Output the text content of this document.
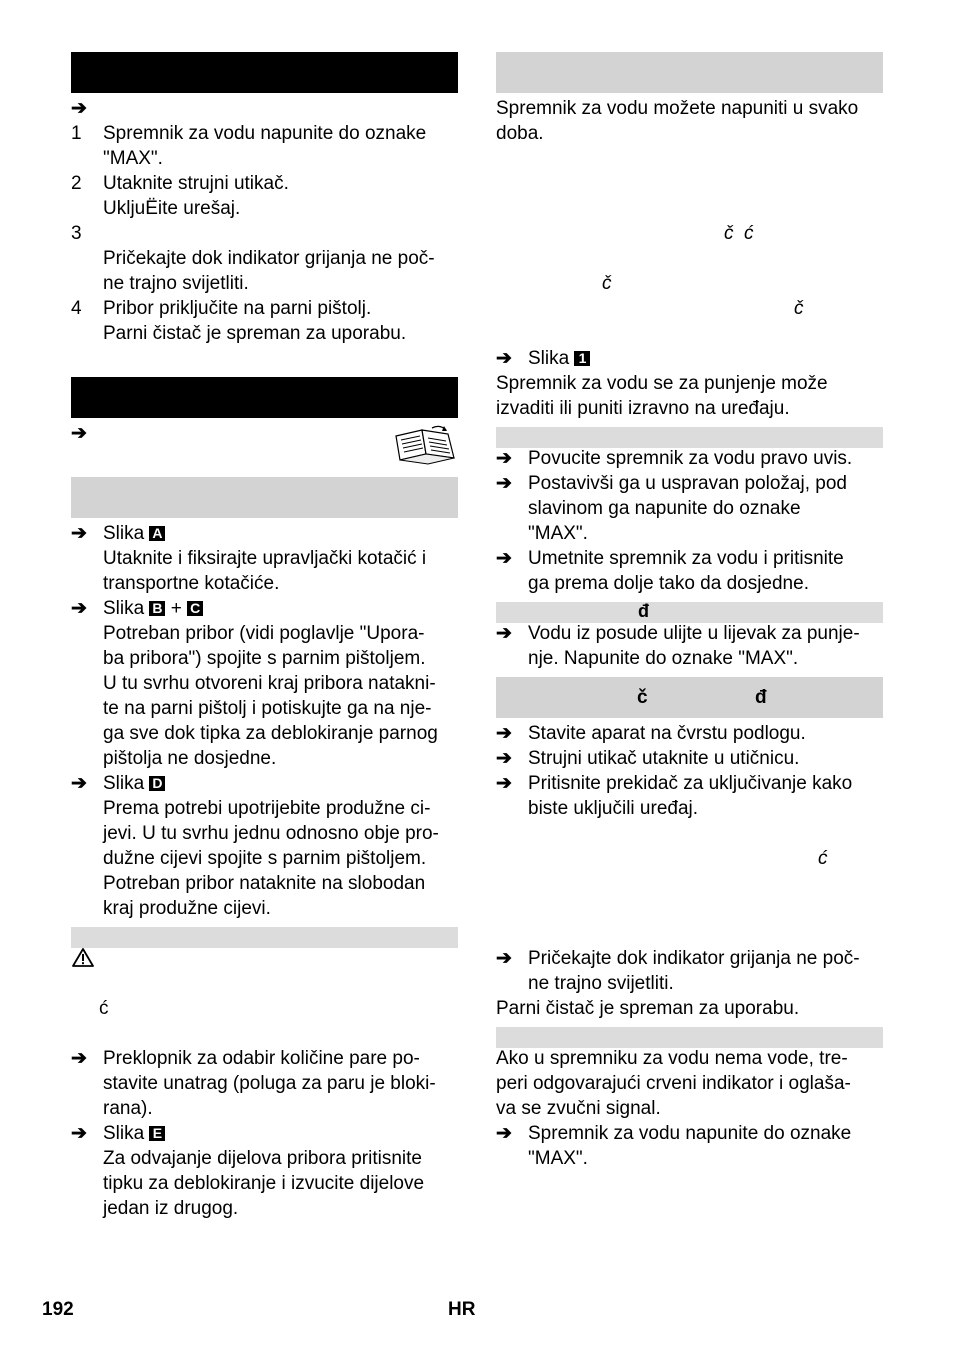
➔
1 Spremnik za vodu napunite do oznake
"MAX".
2 Utaknite strujni utikač.
UkljuËite urešaj.
3
Pričekajte dok indikator grijanja ne poč-
ne trajno svijetliti.
4 Pribor priključite na parni pištolj.
Parni čistač je spreman za uporabu.
➔
➔ Slika A
Utaknite i fiksirajte upravljački kotačić i
transportne kotačiće.
➔ Slika B + C
Potreban pribor (vidi poglavlje "Upora-
ba pribora") spojite s parnim pištoljem.
U tu svrhu otvoreni kraj pribora natakni-
te na parni pištolj i potiskujte ga na nje-
ga sve dok tipka za deblokiranje parnog
pištolja ne dosjedne.
➔ Slika D
Prema potrebi upotrijebite produžne ci-
jevi. U tu svrhu jednu odnosno obje pro-
dužne cijevi spojite s parnim pištoljem.
Potreban pribor nataknite na slobodan
kraj produžne cijevi.
ć
➔ Preklopnik za odabir količine pare po-
stavite unatrag (poluga za paru je bloki-
rana).
➔ Slika E
Za odvajanje dijelova pribora pritisnite
tipku za deblokiranje i izvucite dijelove
jedan iz drugog.
Spremnik za vodu možete napuniti u svako
doba.
č  ć
č
č
➔ Slika 1
Spremnik za vodu se za punjenje može
izvaditi ili puniti izravno na uređaju.
➔ Povucite spremnik za vodu pravo uvis.
➔ Postavivši ga u uspravan položaj, pod
slavinom ga napunite do oznake
"MAX".
➔ Umetnite spremnik za vodu i pritisnite
ga prema dolje tako da dosjedne.
đ
➔ Vodu iz posude ulijte u lijevak za punje-
nje. Napunite do oznake "MAX".
č	đ
➔ Stavite aparat na čvrstu podlogu.
➔ Strujni utikač utaknite u utičnicu.
➔ Pritisnite prekidač za uključivanje kako
biste uključili uređaj.
ć
➔ Pričekajte dok indikator grijanja ne poč-
ne trajno svijetliti.
Parni čistač je spreman za uporabu.
Ako u spremniku za vodu nema vode, tre-
peri odgovarajući crveni indikator i oglaša-
va se zvučni signal.
➔ Spremnik za vodu napunite do oznake
"MAX".
192	HR
